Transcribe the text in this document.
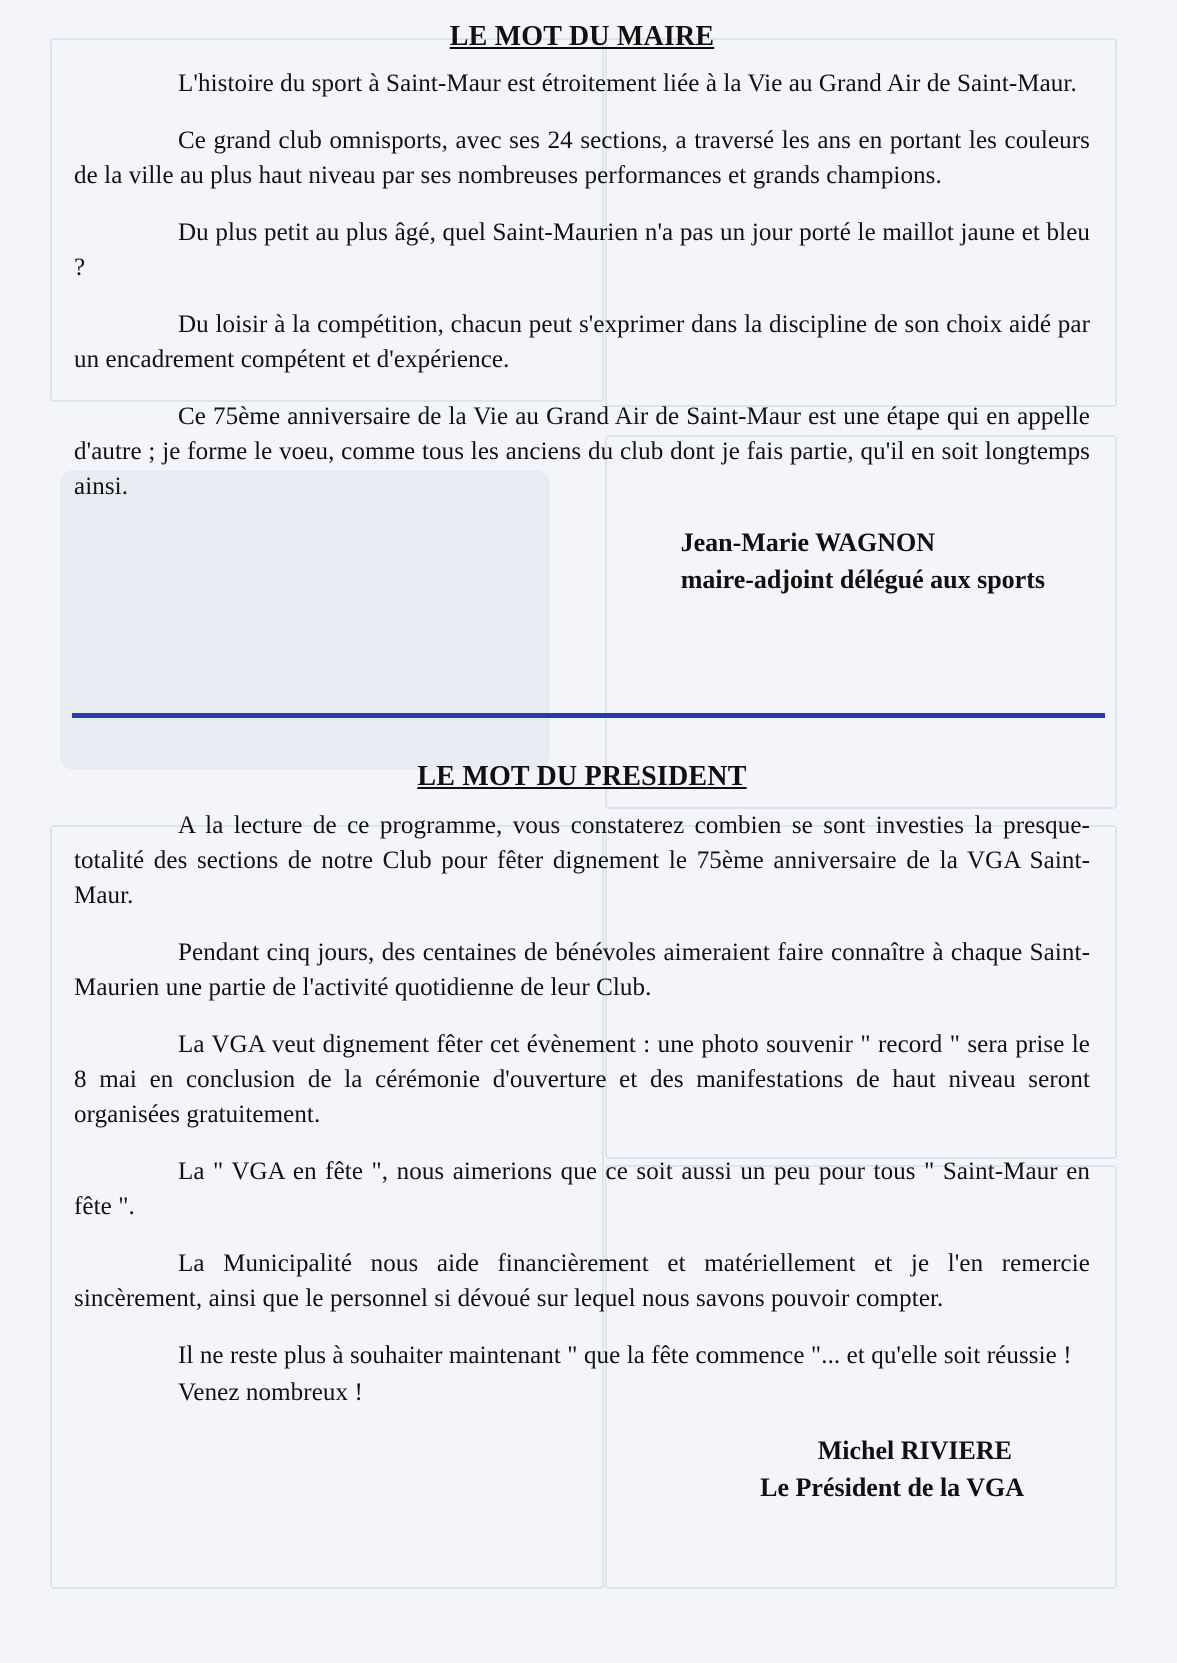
LE MOT DU MAIRE

L'histoire du sport à Saint-Maur est étroitement liée à la Vie au Grand Air de Saint-Maur.

Ce grand club omnisports, avec ses 24 sections, a traversé les ans en portant les couleurs de la ville au plus haut niveau par ses nombreuses performances et grands champions.

Du plus petit au plus âgé, quel Saint-Maurien n'a pas un jour porté le maillot jaune et bleu ?

Du loisir à la compétition, chacun peut s'exprimer dans la discipline de son choix aidé par un encadrement compétent et d'expérience.

Ce 75ème anniversaire de la Vie au Grand Air de Saint-Maur est une étape qui en appelle d'autre ; je forme le voeu, comme tous les anciens du club dont je fais partie, qu'il en soit longtemps ainsi.

Jean-Marie WAGNON
maire-adjoint délégué aux sports
LE MOT DU PRESIDENT

A la lecture de ce programme, vous constaterez combien se sont investies la presque-totalité des sections de notre Club pour fêter dignement le 75ème anniversaire de la VGA Saint-Maur.

Pendant cinq jours, des centaines de bénévoles aimeraient faire connaître à chaque Saint-Maurien une partie de l'activité quotidienne de leur Club.

La VGA veut dignement fêter cet évènement : une photo souvenir " record " sera prise le 8 mai en conclusion de la cérémonie d'ouverture et des manifestations de haut niveau seront organisées gratuitement.

La " VGA en fête ", nous aimerions que ce soit aussi un peu pour tous " Saint-Maur en fête ".

La Municipalité nous aide financièrement et matériellement et je l'en remercie sincèrement, ainsi que le personnel si dévoué sur lequel nous savons pouvoir compter.

Il ne reste plus à souhaiter maintenant " que la fête commence "... et qu'elle soit réussie !

Venez nombreux !

Michel RIVIERE
Le Président de la VGA
